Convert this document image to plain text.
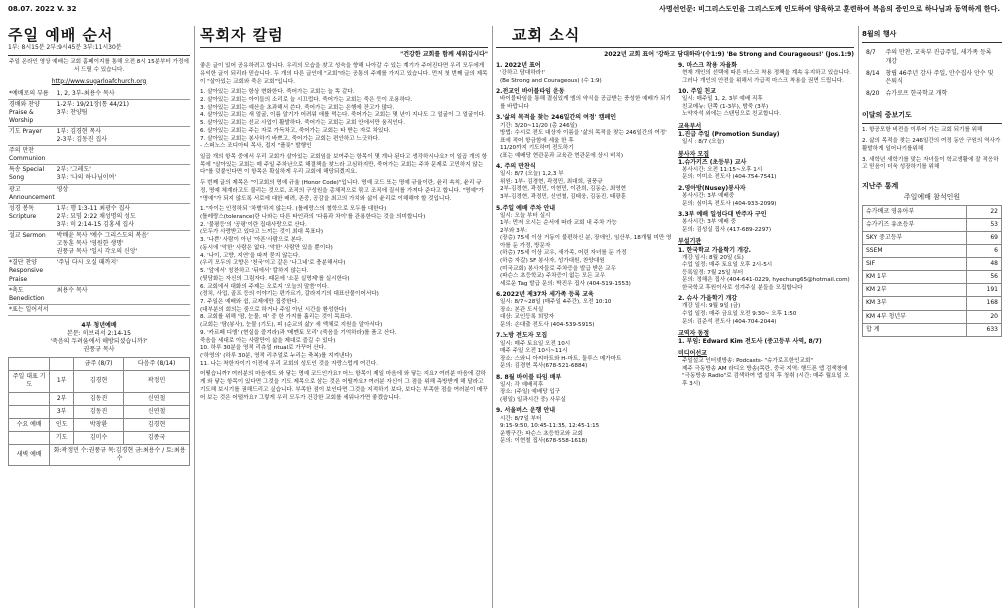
08.07. 2022 V. 32	사명선언문: 비그리스도인을 그리스도께 인도하여 양육하고 훈련하여 복음의 증인으로 하나님과 동역하게 한다.
주일 예배 순서
1부: 8시15분 2부:9시45분 3부:11시30분
주일 온라인 영상 예배는 교회 홈페이지를 통해 오전 8시 15분부터 가정에서 드릴 수 있습니다.
http://www.sugarloafchurch.org
*예배로의 부름	1, 2, 3부-최용수 목사
경배와 찬양 Praise & Worship	1-2부: 19/21장(통 44/21)
3부: 찬양팀
기도 Prayer	1부: 김경현 목사
2-3부: 김동진 집사
주의 만찬 Communion	
특송 Special Song	2부: '그레도'
3부: '나의 하나님이여'
광고 Announcement	영상
성경 봉독 Scripture	1부: 행 1:3-11 최광수 집사
2부: 묘밈 2:22 채성명의 성도
3부: 히 2:14-15 김홍세 집사
설교 Sermon	박배윤 목사 '예수 그리스도의 복음'
고동훈 목사 '영원한 생명'
권풍규 목사 '일시 각오의 신앙'
*결단 찬양 Responsive Praise	'주님 다시 오실 때까지'
*축도 Benediction	최용수 목사
*표는 일어서서	
4부 청년예배
본문: 히브리서 2:14-15
'죽음의 두려움에서 해방되셨습니까?'
권풍규 목사
		금주 (8/7)	다음주 (8/14)
주일 대표 기도	1부	김경현	곽정민
	2부	김동진	신연철
	3부	김동진	신연철
수요 예배	인도	박창환	김경현
	기도	김미수	김종국
새벽 예배	화:곽정민 수:권풍규 목:김경현 금:최용수 / 토:최용수		
목회자 칼럼
"건강한 교회를 함께 세워갑시다"
좋은 글이 있어 공유하려고 합니다. 우리의 모습을 찾고 성숙을 향해 나아갈 수 있는 계기가 주어진다면 우리 모두에게 유익한 글이 되리라 믿습니다. 두 개의 다른 글인데 "교회"라는 공통의 주제를 가지고 있습니다. 먼저 첫 번째 글의 제목이 "살아있는 교회와 죽은 교회"입니다.
1. 살아있는 교회는 항상 변화한다. 죽어가는 교회는 늘 똑 같다.
2. 살아있는 교회는 아이들의 소리로 늘 시끄럽다. 죽어가는 교회는 죽은 듯이 조용하다.
3. 살아있는 교회는 예산을 초과해서 쓴다. 죽어가는 교회는 은행에 잔고가 많다.
4. 살아있는 교회는 새 얼굴, 이름 알기가 어려워 애를 먹는다. 죽어가는 교회는 몇 년이 지나도 그 얼굴이 그 얼굴이다.
5. 살아있는 교회는 선교 사업이 활발하다. 죽어가는 교회는 교회 안에서만 움직인다.
6. 살아있는 교회는 주는 자로 가득차고, 죽어가는 교회는 타 받는 자로 차있다.
7. 살아있는 교회는 봉사하기 바쁘고, 죽어가는 교회는 편안하고 느긋하다.
- 스퍼노스 조디아티 목사, 접지 "플릇" 발행인
일곱 개의 항목 중에서 우리 교회가 살아있는 교회임을 보여주는 항목이 몇 개나 된다고 생각하시나요? 이 일곱 개의 항목에 "살아있는 교회는 매 주일 주차난으로 해결책을 찾느라 고심하지만, 죽어가는 교회는 주차 문제로 고민하지 않는다"를 덧붙인다면 이 항목은 확실하게 우리 교회에 해당되겠지요.
두 번째 글의 제목은 "이교회의 명예 규율 (Honor Code)"입니다. 명예 코드 또는 명예 규율이란, 윤리 속칙, 윤리 규정, 명예 체계라고도 불리는 것으로, 조직의 구성원을 총체적으로 묶고 조직에 질서를 가져다 준다고 합니다. "명예"가 "명예"가 되지 않도록 서로에 대한 배려, 존중, 공감을 최고의 가치와 삶이 윤리로 이해해야 할 것입니다.
1."자이는 인정하되 '차별'하지 않는다. (틀레랑스의 철학으로 모두를 대한다)
(틀레랑스(tolerance)란 나와는 다른 타인과의 '다름과 차이'를 관용한다는 것을 의미합니다)
2. '불평등'의 '공평'이란 집대사랑으로 산다.
(모두가 사랑받고 있다고 느끼는 것이 최대 목표다)
3. '나쁜' 사람이 아닌 '아픈'사람으로 본다.
(동시에 '악한' 사람은 없다. '악한' 사람만 있을 뿐이다)
4. '나이, 고향, 지연'을 따져 묻지 않는다.
(우리 모두의 고향은 '천국'이고 같은 '나그네'로 충분해서다)
5. '앞에서' 칭찬하고 '뒤에서' 칼하지 않는다.
(뒷담화는 자신의 그림자다. 때문에 '소문 실명제'를 실시한다)
6. 교회에서 대화의 주제는 오로지 '오늘의 말씀'이다.
(정치, 사업, 골프 등의 이야기는 편가르기, 갈라지기의 대표산물이어서다)
7. 주일은 예배와 쉼, 교제에만 집중한다.
(대부분의 회의는 줌으로 하거나 주일 아닌 시간을 환성한다)
8. 교회를 위해 '땀, 눈물, 피' 중 한 가지를 흘리는 것이 목표다.
(교회는 '땀(봉사), 눈물 (기도), 피 (순교의 삶)' 세 액체로 지원을 알아서다)
9. '카르페 디엠' (현실을 즐겨라)과 '메멘토 모리' (죽음을 기억하라)를 품고 산다.
죽음을 세대로 아는 사람만이 삶을 제대로 즐길 수 있다)
10. 하루 30분을 영적 리츄얼 ritual로 가꾸어 산다.
('하영의' (하루 30분, 영적 리추얼로 누리는 축복)를 지켜낸다)
11. 나는 착한자이기 이전에 우리 교회의 성도인 것을 자랑스럽게 여긴다.
어떻습니까? 여러분의 마음에도 와 닿는 명예 코드인가요? 어느 항목이 제일 마음에 와 닿는 지요? 여러분 마음에 감하게 와 닿는 항목이 있다면 그것을 기도 제목으로 삼는 것은 어떨까요? 여러분 자신이 그 점을 위해 측방받게 해 달라고 기도해 보시기를 권해드리고 싶습니다. 부족한 점이 보인다면 그것을 지적하기 보다, 보다는 부족한 점을 여러분이 메꾸어 보는 것은 어떨까요? 그렇게 우리 모두가 건강한 교회를 세워나가면 좋겠습니다.
교회 소식
2022년 교회 표어 '강하고 담대하라'(수1:9) 'Be Strong and Courageous!' (Jos.1:9)
1. 2022년 표어
'강하고 담대하라!'
(Be Strong and Courageous) (수 1:9)
2.전교인 바이블타임 운동
바이블타임을 통해 결심있게 엠의 약식을 공급받는 풍성한 예배가 되기를 바랍니다
3.'삶의 목적을 찾는 246일간의 여정' 캠페인
기간: 3/20~11/20 (총 246일)
방법: 수시로 전도 대상자 이름을 '삶의 목적을 찾는 246일간의 여정' 표에 적어 항금함에 세울 한 후
11/20까지 기도하며 전도하기
(표는 예배당 현관문과 교육관 현관문에 상시 비치)
4. 주의 만찬식
일시: 8/7 (오늘) 1,2,3 부
위원: 1부- 김경현, 곽정민, 최대희, 권풍규
2부-김경현, 곽정민, 이현민, 이관희, 김동순, 최영현
3부-김경현, 곽정민, 신연철, 김태웅, 김동진, 태광훈
5.주일 예배 주차 안내
일시: 오늘 부터 실시
1부: 먼저 오시는 순서에 따라 교회 내 주차 가능
2부와 3부:
(장층) 75세 이상 거동이 불편하신 분, 장애인, 임산부, 18개월 미만 영아를 둔 가정, 방문자
(하층) 75세 이상 교우, 새가족, 어린 자녀를 둔 가정
(하층 자갈) SF 봉사자, 성가대원, 찬양대원
(미국교회) 봉사자들로 주차증을 발급 받은 교우
(파슨스 초등학교) 주차증이 없는 모든 교우
세로운 Tag 발급 문의: 박진우 집사 (404-519-1553)
6.2022년 제37차 세가족 등록 교육
일시: 8/7~28일 (매주일 4주간), 오전 10:10
장소: 본관 도서실
대상: 교인등록 희망자
문의: 손대출 전도사 (404-539-5915)
7.노방 전도자 모집
일시: 매주 토요일 오전 10시
매주 주일 오전 10시~11시
장소: 스와니 아씨마트와 H-마트, 둘루스 메가마트
문의: 김경현 목사(678-521-6884)
8. 8월 바이블 타임 배부
일시: 각 예배직후
장소: (주일) 예배당 입구
(평일) 일과시간 중) 사무실
9. 서울버스 운행 안내
시간: 8/7일 부터
9:15-9:50, 10:45-11:35, 12:45-1:15
운행구간: 파슨스 초등학교와 교회
문의: 이현철 집사(678-558-1618)
9. 마스크 착용 자율화
현재 개인의 선택에 따른 마스크 착용 정책을 계속 유지하고 있습니다. 그러나 개인의 안전을 위해서 가급적 마스크 착용을 권면 드립니다.
10. 주일 친교
일시: 매주일 1, 2, 3부 예배 직후
친교메뉴: 단쪽 (1-3부), 밤죽 (3부)
노약자석 외에는 스탠딩으로 친교합니다.
교육부서
1.진급 주일 (Promotion Sunday)
일시 : 8/7 (오늘)
봉사자 모집
1.슈가키즈 (초등부) 교사
봉사시간: 오전 11:15~오후 1시
문의: 이미소 전도사 (404-754-7541)
2.영아방(Nusey)봉사자
봉사시간: 3부 예배중
문의: 심미옥 전도사 (404-933-2099)
3.3부 예배 일성다대 반주자 구인
봉사시간: 3부 예배 중
문의: 김성실 집사 (417-689-2297)
부설기관
1. 한국학교 가을학기 개강.
개강 일시: 8월 20일 (토)
수업 일정: 매주 토요일 오후 2시-5시
등록일정: 7월 25일 부터
문의: 정해은 집사 (404-641-0229, hyechung65@hotmail.com)
한국학교 후원이사로 성겨주실 분들을 모집합니다
2. 슈사 가을학기 개강
개강 일시: 9월 9일 (금)
수업 일정: 매주 금요일 오전 9:30~ 오후 1:50
문의: 김준석 전도사 (404-704-2044)
교역자 동정
1. 부임: Edward Kim 전도사 (중고등부 사역, 8/7)
미디어선교
주일설교 인터넷방송: Podcasts- "슈가로프한인교회"
제주 극동방송 AM 라디오 방송(목란, 중국 지역: 행드폰 앱 검색창에 "극동방송 Radio"로 검색하여 앱 설치 후 청취 (시간: 매주 월요일 오후 3시)
8월의 행사
8/7	주의 만찬, 교육부 진급주일, 새가족 등록 개강
8/14	창립 46주년 감사 주일, 안수집사 안수 및 은퇴식
8/20	슈가로프 한국학교 개학
이달의 중보기도
1. 항공모항 비전을 이루어 가는 교회 되기를 위해
2. 삶의 목적을 찾는 246일간의 여정 동안 구원의 역사가 활발하게 일어나기를위해
3. 새학년 새학기를 맞는 자녀들이 학교생활에 잘 적응하고 믿음이 더욱 성장하기를 위해
지난주 통계
주일예배 참석인원
슈가베코 영유아부	22
슈가키즈 유초등부	53
SKY 중고등부	69
SSEM	6
SIF	48
KM 1부	56
KM 2부	191
KM 3부	168
KM 4부 청년부	20
합 계	633
